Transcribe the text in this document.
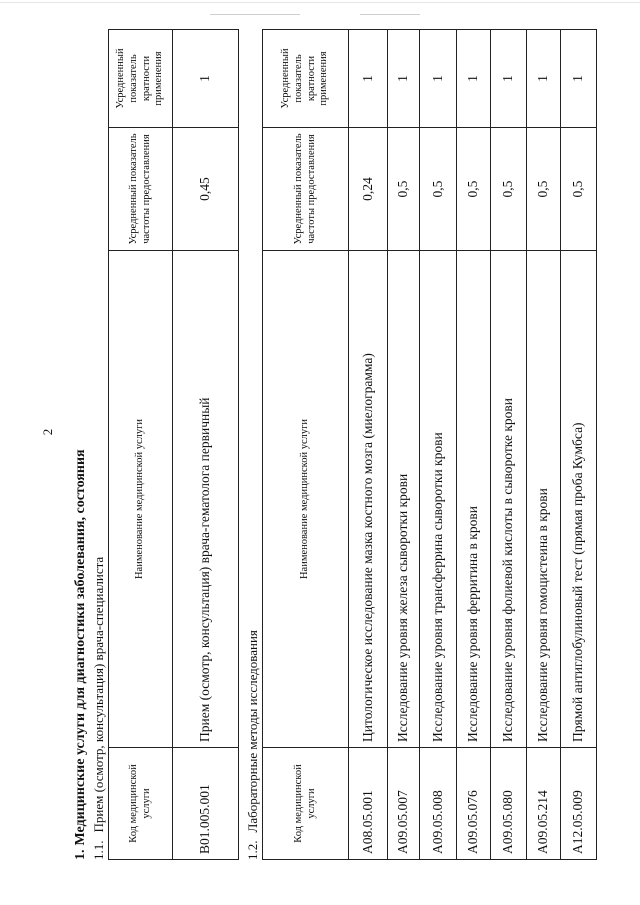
2
1.Медицинские услуги для диагностики заболевания, состояния
1.1.Прием (осмотр, консультация) врача-специалиста Код медицинской услуги	Наименование медицинской услуги	Усредненный показатель частоты предоставления	Усредненный показатель кратности применения
B01.005.001	Прием (осмотр, консультация) врача-гематолога первичный	0,45	1
1.2.Лабораторные методы исследования	Код медицинской услуги	Наименование медицинской услуги	Усредненный показатель частоты предоставления	Усредненный показатель кратности применения
A08.05.001	Цитологическое исследование мазка костного мозга (миелограмма)	0,24	1
A09.05.007	Исследование уровня железа сыворотки крови	0,5	1
A09.05.008	Исследование уровня трансферрина сыворотки крови	0,5	1
A09.05.076	Исследование уровня ферритина в крови	0,5	1
A09.05.080	Исследование уровня фолиевой кислоты в сыворотке крови	0,5	1
A09.05.214	Исследование уровня гомоцистеина в крови	0,5	1
A12.05.009	Прямой антиглобулиновый тест (прямая проба Кумбса)	0,5	1
